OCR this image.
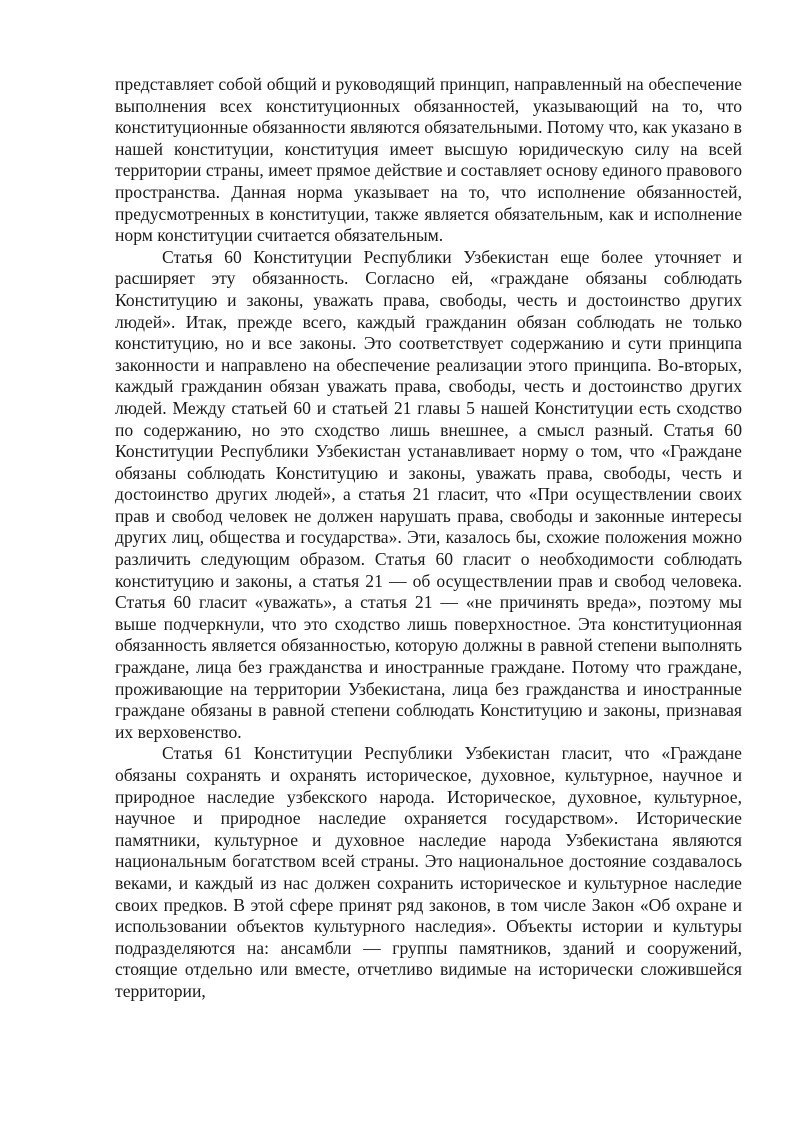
представляет собой общий и руководящий принцип, направленный на обеспечение выполнения всех конституционных обязанностей, указывающий на то, что конституционные обязанности являются обязательными. Потому что, как указано в нашей конституции, конституция имеет высшую юридическую силу на всей территории страны, имеет прямое действие и составляет основу единого правового пространства. Данная норма указывает на то, что исполнение обязанностей, предусмотренных в конституции, также является обязательным, как и исполнение норм конституции считается обязательным.

Статья 60 Конституции Республики Узбекистан еще более уточняет и расширяет эту обязанность. Согласно ей, «граждане обязаны соблюдать Конституцию и законы, уважать права, свободы, честь и достоинство других людей». Итак, прежде всего, каждый гражданин обязан соблюдать не только конституцию, но и все законы. Это соответствует содержанию и сути принципа законности и направлено на обеспечение реализации этого принципа. Во-вторых, каждый гражданин обязан уважать права, свободы, честь и достоинство других людей. Между статьей 60 и статьей 21 главы 5 нашей Конституции есть сходство по содержанию, но это сходство лишь внешнее, а смысл разный. Статья 60 Конституции Республики Узбекистан устанавливает норму о том, что «Граждане обязаны соблюдать Конституцию и законы, уважать права, свободы, честь и достоинство других людей», а статья 21 гласит, что «При осуществлении своих прав и свобод человек не должен нарушать права, свободы и законные интересы других лиц, общества и государства». Эти, казалось бы, схожие положения можно различить следующим образом. Статья 60 гласит о необходимости соблюдать конституцию и законы, а статья 21 — об осуществлении прав и свобод человека. Статья 60 гласит «уважать», а статья 21 — «не причинять вреда», поэтому мы выше подчеркнули, что это сходство лишь поверхностное. Эта конституционная обязанность является обязанностью, которую должны в равной степени выполнять граждане, лица без гражданства и иностранные граждане. Потому что граждане, проживающие на территории Узбекистана, лица без гражданства и иностранные граждане обязаны в равной степени соблюдать Конституцию и законы, признавая их верховенство.

Статья 61 Конституции Республики Узбекистан гласит, что «Граждане обязаны сохранять и охранять историческое, духовное, культурное, научное и природное наследие узбекского народа. Историческое, духовное, культурное, научное и природное наследие охраняется государством». Исторические памятники, культурное и духовное наследие народа Узбекистана являются национальным богатством всей страны. Это национальное достояние создавалось веками, и каждый из нас должен сохранить историческое и культурное наследие своих предков. В этой сфере принят ряд законов, в том числе Закон «Об охране и использовании объектов культурного наследия». Объекты истории и культуры подразделяются на: ансамбли — группы памятников, зданий и сооружений, стоящие отдельно или вместе, отчетливо видимые на исторически сложившейся территории,
